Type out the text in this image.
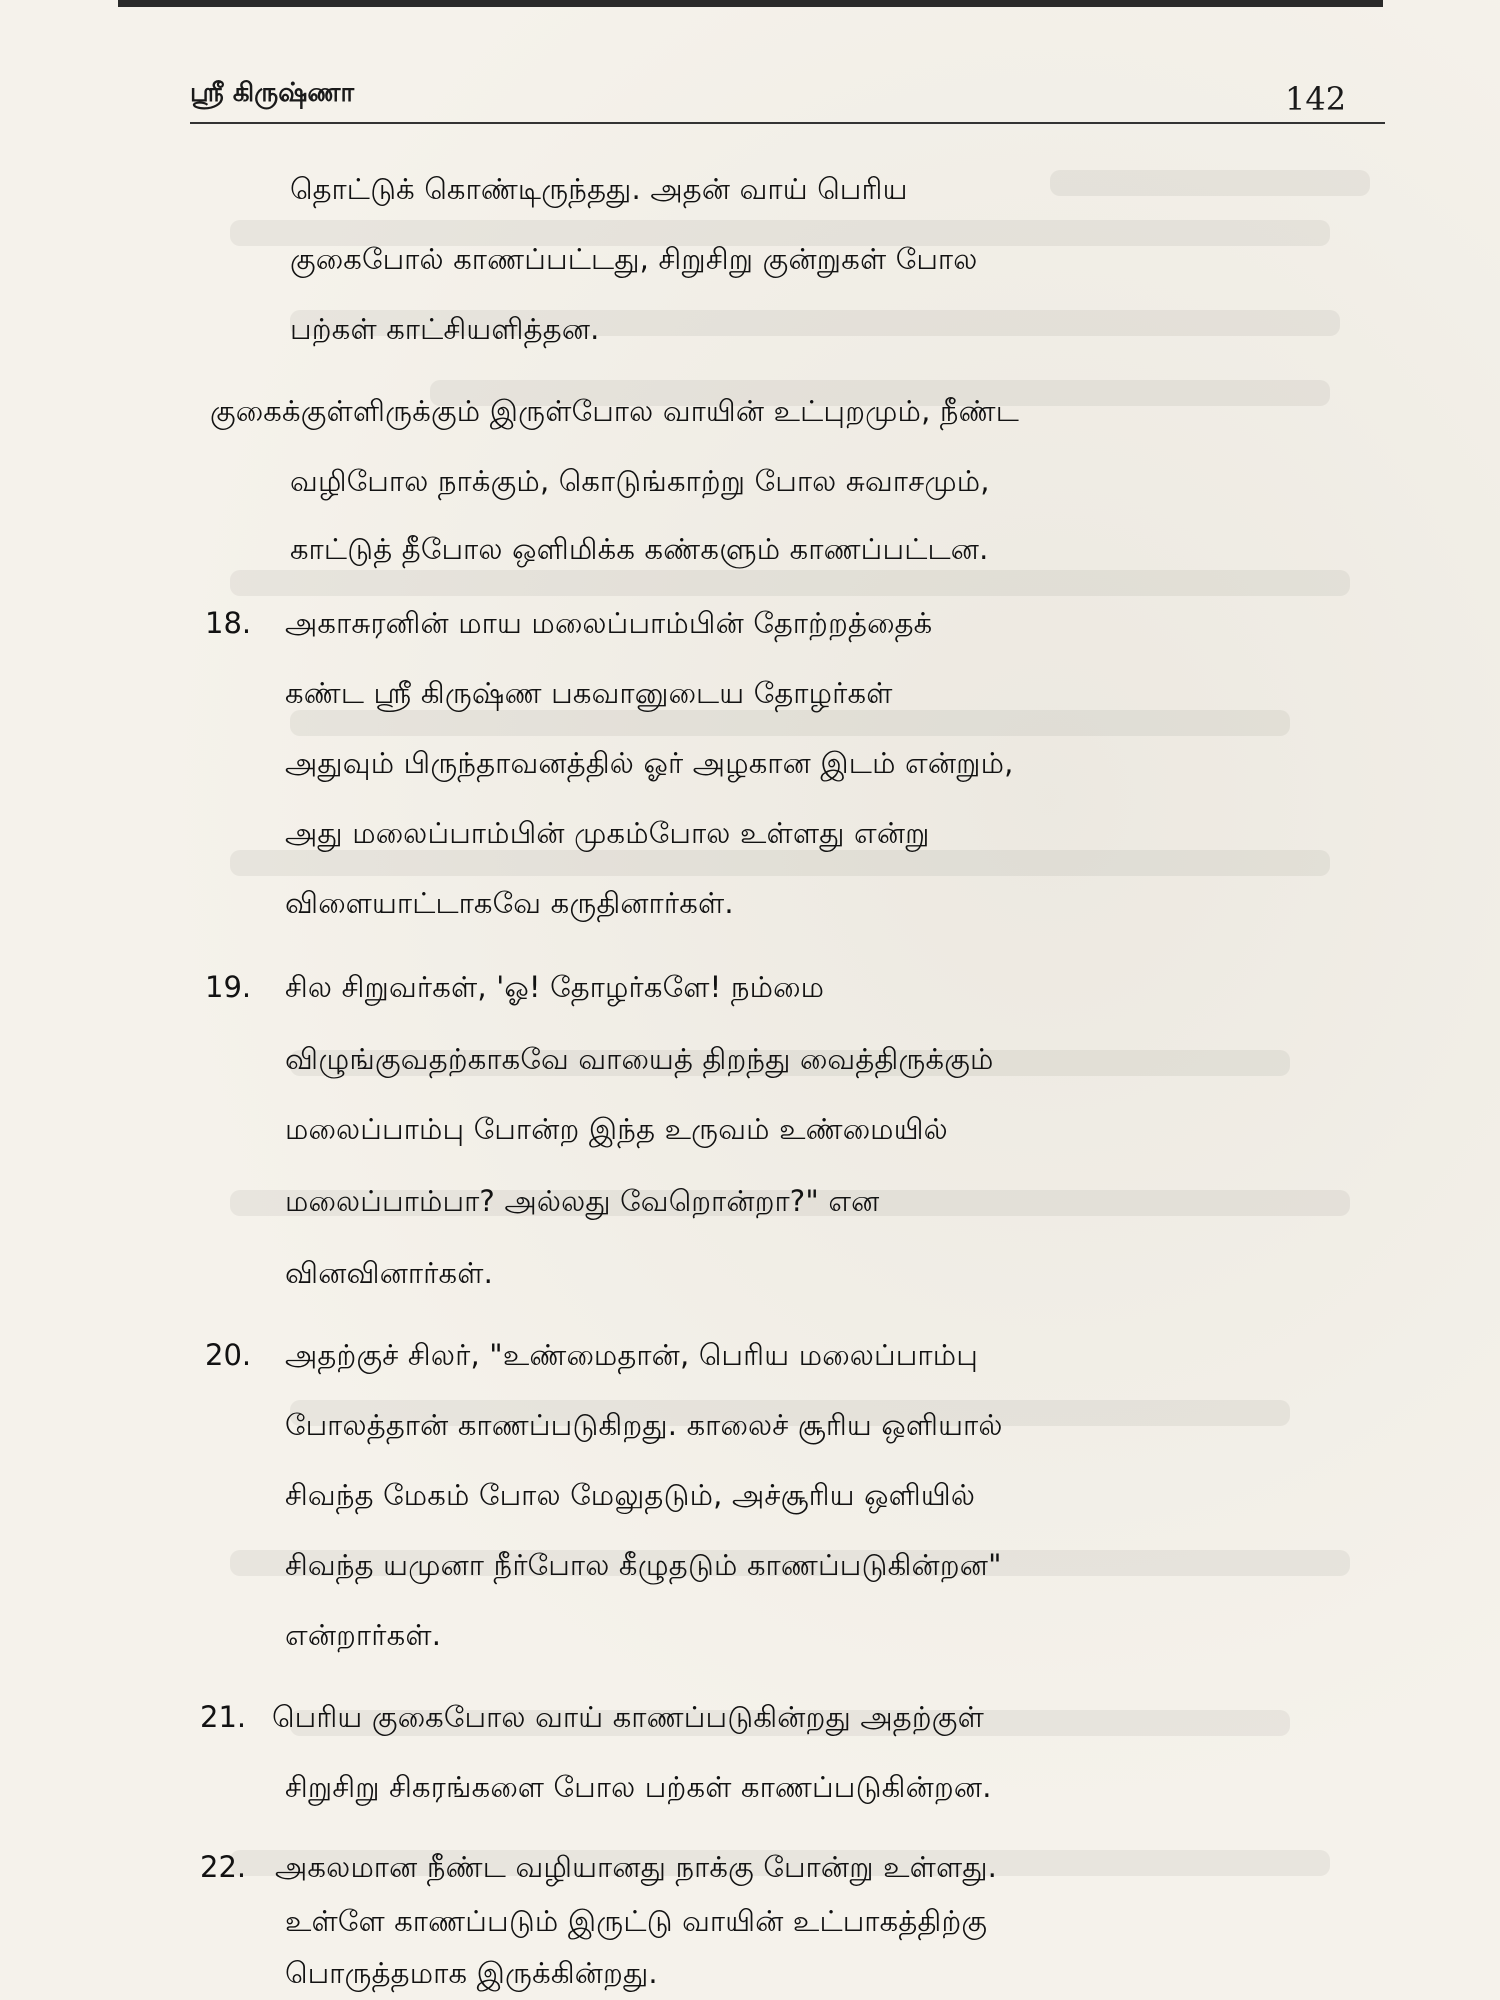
ஸ்ரீ கிருஷ்ணா	142
தொட்டுக் கொண்டிருந்தது. அதன் வாய் பெரிய
குகைபோல் காணப்பட்டது, சிறுசிறு குன்றுகள் போல
பற்கள் காட்சியளித்தன.
குகைக்குள்ளிருக்கும் இருள்போல வாயின் உட்புறமும், நீண்ட
வழிபோல நாக்கும், கொடுங்காற்று போல சுவாசமும்,
காட்டுத் தீபோல ஒளிமிக்க கண்களும் காணப்பட்டன.
18. அகாசுரனின் மாய மலைப்பாம்பின் தோற்றத்தைக்
கண்ட ஸ்ரீ கிருஷ்ண பகவானுடைய தோழர்கள்
அதுவும் பிருந்தாவனத்தில் ஓர் அழகான இடம் என்றும்,
அது மலைப்பாம்பின் முகம்போல உள்ளது என்று
விளையாட்டாகவே கருதினார்கள்.
19. சில சிறுவர்கள், 'ஓ! தோழர்களே! நம்மை
விழுங்குவதற்காகவே வாயைத் திறந்து வைத்திருக்கும்
மலைப்பாம்பு போன்ற இந்த உருவம் உண்மையில்
மலைப்பாம்பா? அல்லது வேறொன்றா?" என
வினவினார்கள்.
20. அதற்குச் சிலர், "உண்மைதான், பெரிய மலைப்பாம்பு
போலத்தான் காணப்படுகிறது. காலைச் சூரிய ஒளியால்
சிவந்த மேகம் போல மேலுதடும், அச்சூரிய ஒளியில்
சிவந்த யமுனா நீர்போல கீழுதடும் காணப்படுகின்றன"
என்றார்கள்.
21. பெரிய குகைபோல வாய் காணப்படுகின்றது அதற்குள்
சிறுசிறு சிகரங்களை போல பற்கள் காணப்படுகின்றன.
22. அகலமான நீண்ட வழியானது நாக்கு போன்று உள்ளது.
உள்ளே காணப்படும் இருட்டு வாயின் உட்பாகத்திற்கு
பொருத்தமாக இருக்கின்றது.
